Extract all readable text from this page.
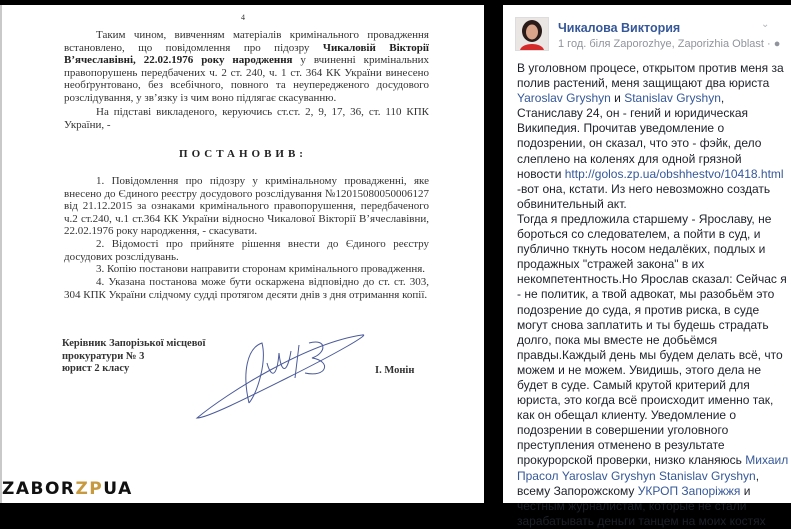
4
Таким чином, вивченням матеріалів кримінального провадження встановлено, що повідомлення про підозру Чикаловій Вікторії В’ячеславівні, 22.02.1976 року народження у вчиненні кримінальних правопорушень передбачених ч. 2 ст. 240, ч. 1 ст. 364 КК України винесено необґрунтовано, без всебічного, повного та неупередженого досудового розслідування, у зв’язку із чим воно підлягає скасуванню.
На підставі викладеного, керуючись ст.ст. 2, 9, 17, 36, ст. 110 КПК України, -
ПОСТАНОВИВ:
1. Повідомлення про підозру у кримінальному провадженні, яке внесено до Єдиного реєстру досудового розслідування №12015080050006127 від 21.12.2015 за ознаками кримінального правопорушення, передбаченого ч.2 ст.240, ч.1 ст.364 КК України відносно Чикалової Вікторії В’ячеславівни, 22.02.1976 року народження, - скасувати.
2. Відомості про прийняте рішення внести до Єдиного реєстру досудових розслідувань.
3. Копію постанови направити сторонам кримінального провадження.
4. Указана постанова може бути оскаржена відповідно до ст. ст. 303, 304 КПК України слідчому судді протягом десяти днів з дня отримання копії.
Керівник Запорізької місцевої
прокуратури № 3
юрист 2 класу	І. Монін
ZABORZPUA
Чикалова Виктория
1 год. біля Zaporozhye, Zaporizhia Oblast · ●
⌄
В уголовном процесе, открытом против меня за полив растений, меня защищают два юриста Yaroslav Gryshyn и Stanislav Gryshyn, Станиславу 24, он - гений и юридическая Википедия. Прочитав уведомление о подозрении, он сказал, что это - фэйк, дело слеплено на коленях для одной грязной новости http://golos.zp.ua/obshhestvo/10418.html -вот она, кстати. Из него невозможно создать обвинительный акт.
Тогда я предложила старшему - Ярославу, не бороться со следователем, а пойти в суд, и публично ткнуть носом недалёких, подлых и продажных "стражей закона" в их некомпетентность.Но Ярослав сказал: Сейчас я - не политик, а твой адвокат, мы разобьём это подозрение до суда, я против риска, в суде могут снова заплатить и ты будешь страдать долго, пока мы вместе не добьёмся правды.Каждый день мы будем делать всё, что можем и не можем. Увидишь, этого дела не будет в суде. Самый крутой критерий для юриста, это когда всё происходит именно так, как он обещал клиенту. Уведомление о подозрении в совершении уголовного преступления отменено в результате прокурорской проверки, низко кланяюсь Михаил Прасол Yaroslav Gryshyn Stanislav Gryshyn, всему Запорожскому УКРОП Запоріжжя и честным журналистам, которые не стали зарабатывать деньги танцем на моих костях
